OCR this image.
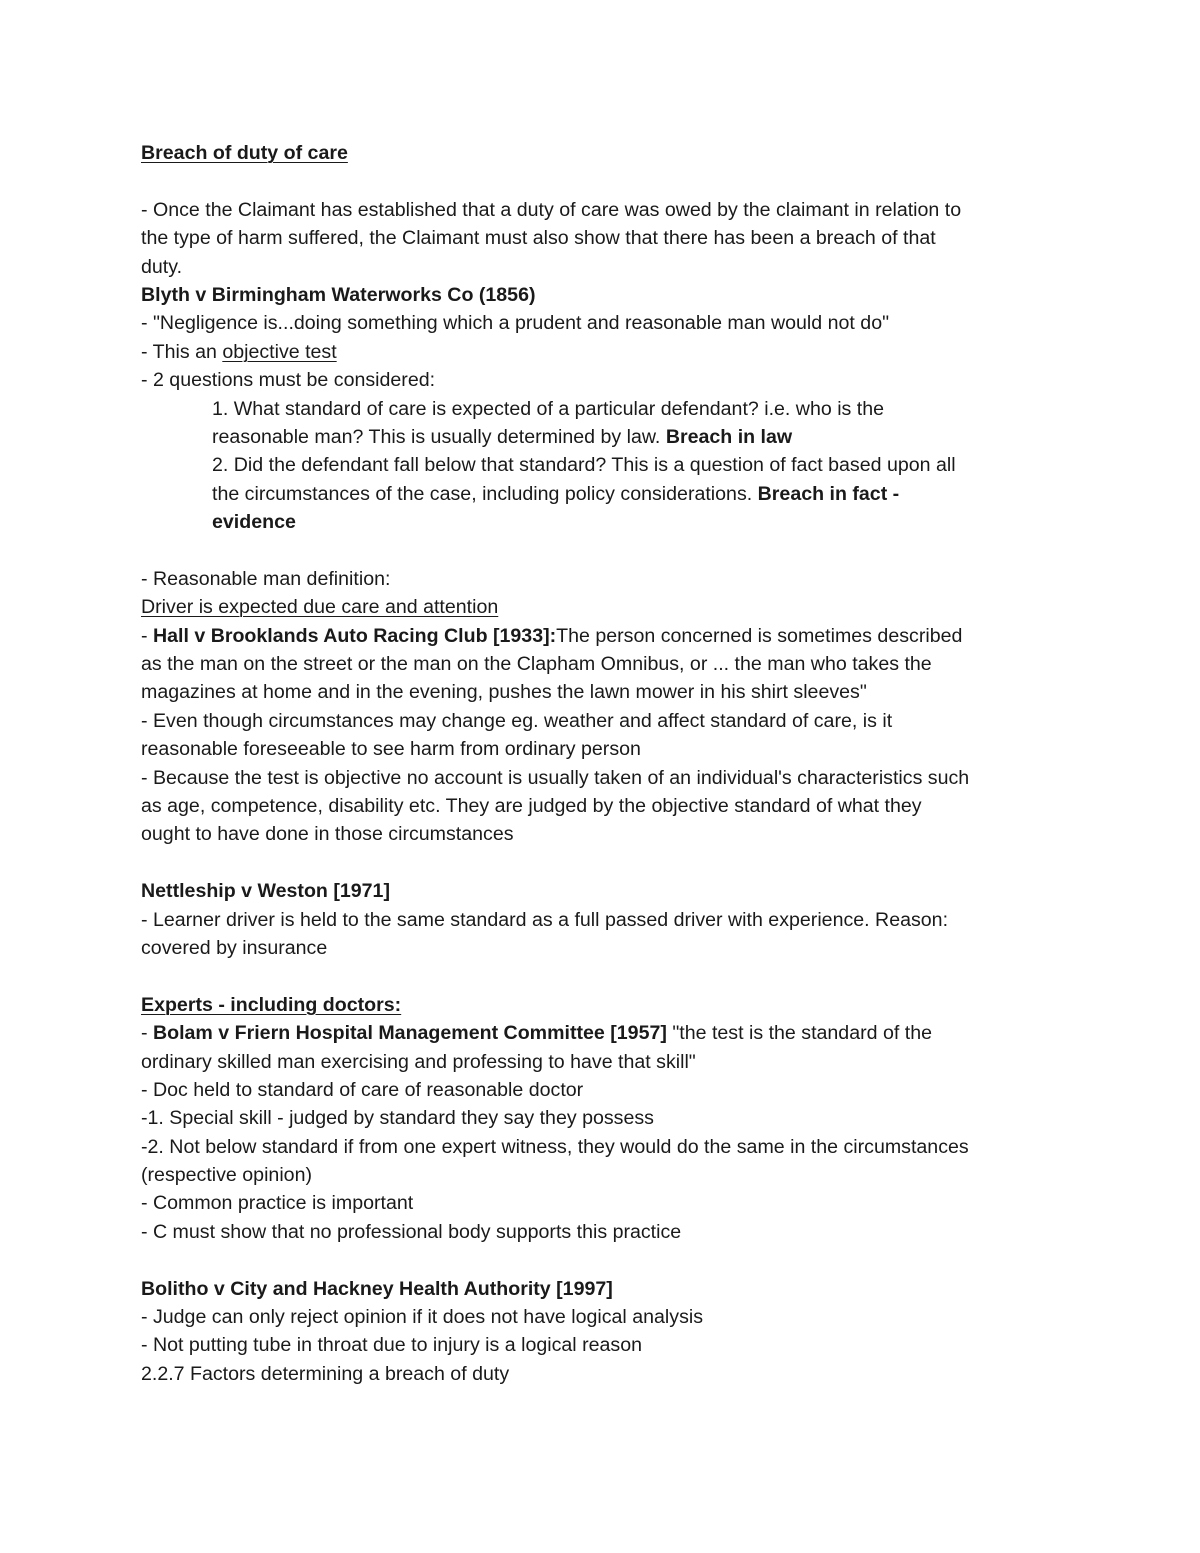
Breach of duty of care
- Once the Claimant has established that a duty of care was owed by the claimant in relation to
the type of harm suffered, the Claimant must also show that there has been a breach of that
duty.
Blyth v Birmingham Waterworks Co (1856)
- "Negligence is...doing something which a prudent and reasonable man would not do"
- This an objective test
- 2 questions must be considered:
1. What standard of care is expected of a particular defendant? i.e. who is the
reasonable man? This is usually determined by law. Breach in law
2. Did the defendant fall below that standard? This is a question of fact based upon all
the circumstances of the case, including policy considerations. Breach in fact -
evidence
- Reasonable man definition:
Driver is expected due care and attention
- Hall v Brooklands Auto Racing Club [1933]:The person concerned is sometimes described
as the man on the street or the man on the Clapham Omnibus, or ... the man who takes the
magazines at home and in the evening, pushes the lawn mower in his shirt sleeves"
- Even though circumstances may change eg. weather and affect standard of care, is it
reasonable foreseeable to see harm from ordinary person
- Because the test is objective no account is usually taken of an individual's characteristics such
as age, competence, disability etc. They are judged by the objective standard of what they
ought to have done in those circumstances
Nettleship v Weston [1971]
- Learner driver is held to the same standard as a full passed driver with experience. Reason:
covered by insurance
Experts - including doctors:
- Bolam v Friern Hospital Management Committee [1957] "the test is the standard of the
ordinary skilled man exercising and professing to have that skill"
- Doc held to standard of care of reasonable doctor
-1. Special skill - judged by standard they say they possess
-2. Not below standard if from one expert witness, they would do the same in the circumstances
(respective opinion)
- Common practice is important
- C must show that no professional body supports this practice
Bolitho v City and Hackney Health Authority [1997]
- Judge can only reject opinion if it does not have logical analysis
- Not putting tube in throat due to injury is a logical reason
2.2.7 Factors determining a breach of duty
